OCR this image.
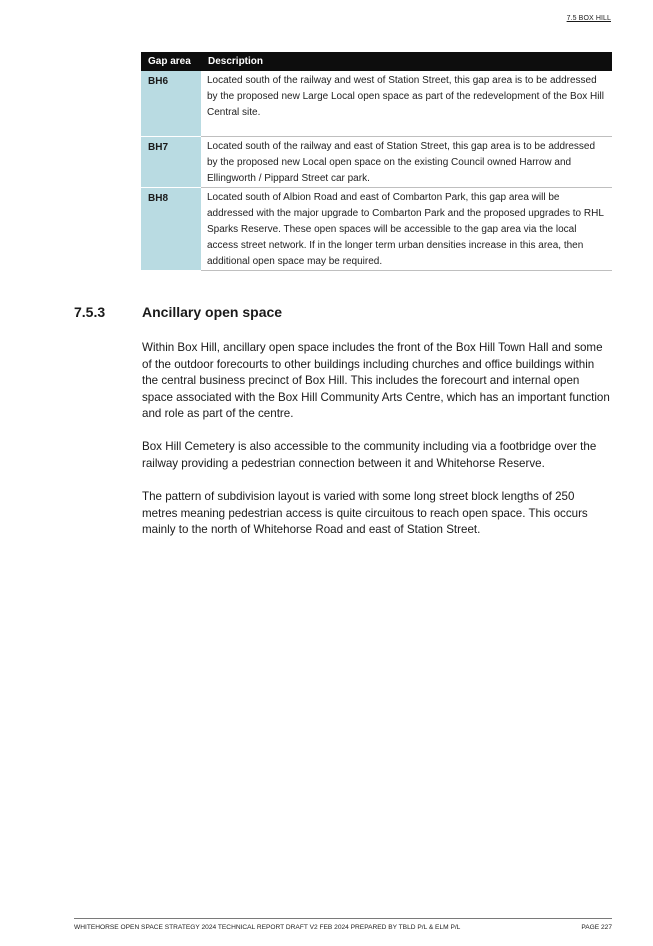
7.5 BOX HILL
Gap area	Description
BH6	Located south of the railway and west of Station Street, this gap area is to be addressed by the proposed new Large Local open space as part of the redevelopment of the Box Hill Central site.
BH7	Located south of the railway and east of Station Street, this gap area is to be addressed by the proposed new Local open space on the existing Council owned Harrow and Ellingworth / Pippard Street car park.
BH8	Located south of Albion Road and east of Combarton Park, this gap area will be addressed with the major upgrade to Combarton Park and the proposed upgrades to RHL Sparks Reserve. These open spaces will be accessible to the gap area via the local access street network. If in the longer term urban densities increase in this area, then additional open space may be required.
7.5.3	Ancillary open space

Within Box Hill, ancillary open space includes the front of the Box Hill Town Hall and some of the outdoor forecourts to other buildings including churches and office buildings within the central business precinct of Box Hill. This includes the forecourt and internal open space associated with the Box Hill Community Arts Centre, which has an important function and role as part of the centre.

Box Hill Cemetery is also accessible to the community including via a footbridge over the railway providing a pedestrian connection between it and Whitehorse Reserve.

The pattern of subdivision layout is varied with some long street block lengths of 250 metres meaning pedestrian access is quite circuitous to reach open space. This occurs mainly to the north of Whitehorse Road and east of Station Street.

WHITEHORSE OPEN SPACE STRATEGY 2024 TECHNICAL REPORT DRAFT V2 FEB 2024 PREPARED BY TBLD P/L & ELM P/L	PAGE 227
